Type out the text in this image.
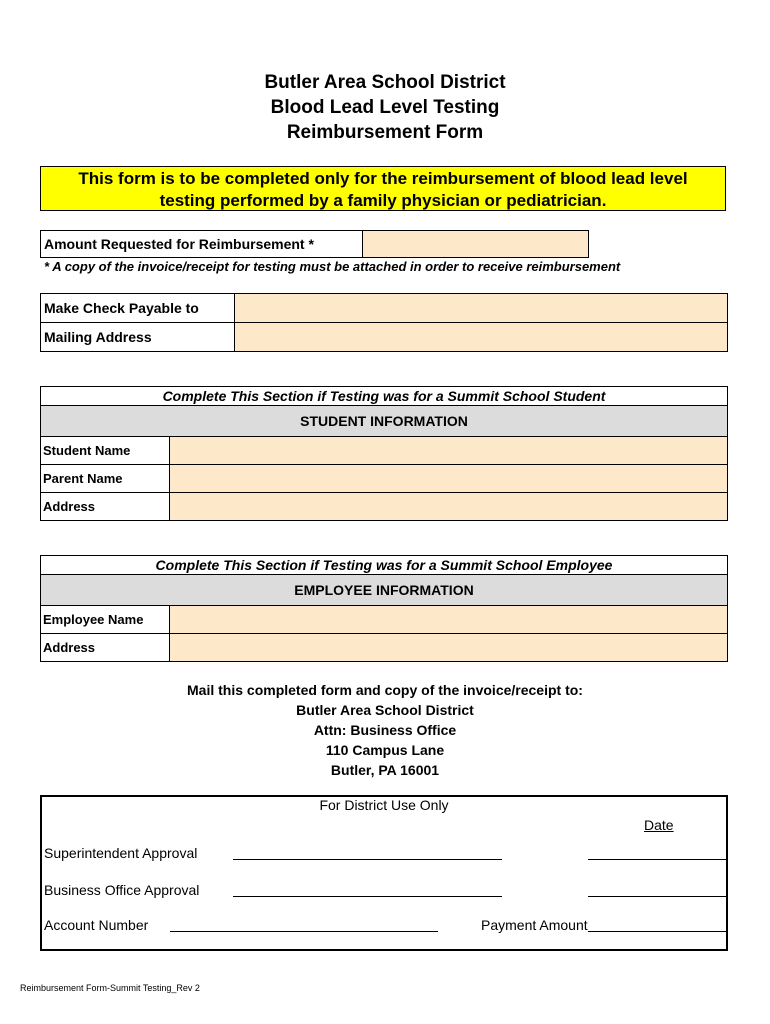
Butler Area School District
Blood Lead Level Testing
Reimbursement Form
This form is to be completed only for the reimbursement of blood lead level
testing performed by a family physician or pediatrician.
Amount Requested for Reimbursement *
* A copy of the invoice/receipt for testing must be attached in order to receive reimbursement
Make Check Payable to
Mailing Address
Complete This Section if Testing was for a Summit School Student
STUDENT INFORMATION
Student Name
Parent Name
Address
Complete This Section if Testing was for a Summit School Employee
EMPLOYEE INFORMATION
Employee Name
Address
Mail this completed form and copy of the invoice/receipt to:
Butler Area School District
Attn: Business Office
110 Campus Lane
Butler, PA 16001
For District Use Only
Date
Superintendent Approval
Business Office Approval
Account Number	Payment Amount
Reimbursement Form-Summit Testing_Rev 2
